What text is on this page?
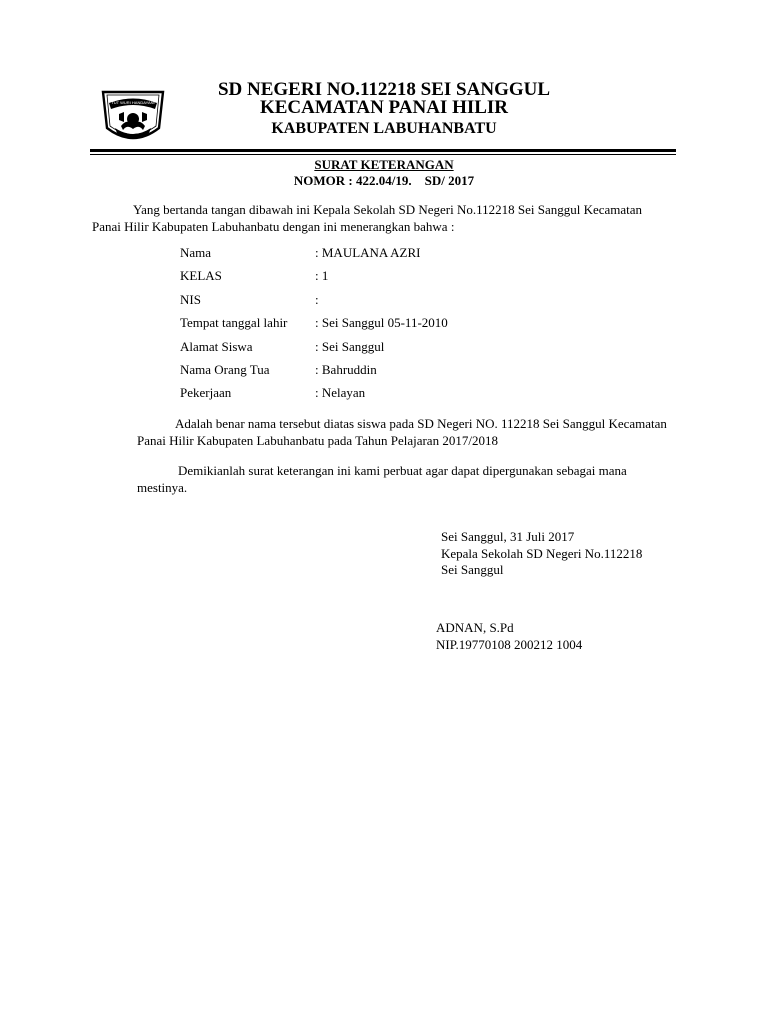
TUT WURI HANDAYANI
SD NEGERI NO.112218 SEI SANGGUL
KECAMATAN PANAI HILIR
KABUPATEN LABUHANBATU
SURAT KETERANGAN
NOMOR : 422.04/19.    SD/ 2017
Yang bertanda tangan dibawah ini Kepala Sekolah SD Negeri No.112218 Sei Sanggul Kecamatan Panai Hilir Kabupaten Labuhanbatu dengan ini menerangkan bahwa :
Nama	: MAULANA AZRI
KELAS	: 1
NIS	:
Tempat tanggal lahir	: Sei Sanggul 05-11-2010
Alamat Siswa	: Sei Sanggul
Nama Orang Tua	: Bahruddin
Pekerjaan	: Nelayan
Adalah benar nama tersebut diatas siswa pada SD Negeri NO. 112218 Sei Sanggul Kecamatan Panai Hilir Kabupaten Labuhanbatu pada Tahun Pelajaran 2017/2018
Demikianlah surat keterangan ini kami perbuat agar dapat dipergunakan sebagai mana mestinya.
Sei Sanggul, 31 Juli 2017
Kepala Sekolah SD Negeri No.112218
Sei Sanggul
ADNAN, S.Pd
NIP.19770108 200212 1004
